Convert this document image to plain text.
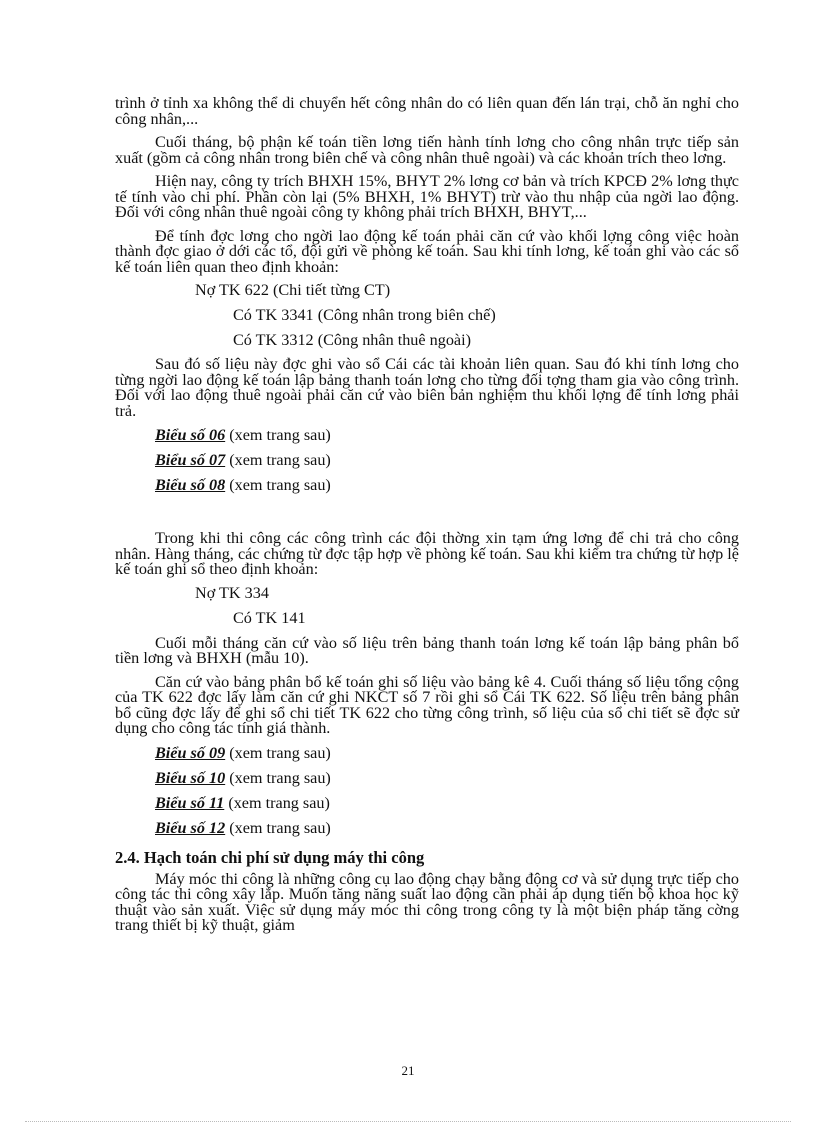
trình ở tỉnh xa không thể di chuyển hết công nhân do có liên quan đến lán trại, chỗ ăn nghỉ cho công nhân,...

Cuối tháng, bộ phận kế toán tiền lơng tiến hành tính lơng cho công nhân trực tiếp sản xuất (gồm cả công nhân trong biên chế và công nhân thuê ngoài) và các khoản trích theo lơng.

Hiện nay, công ty trích BHXH 15%, BHYT 2% lơng cơ bản và trích KPCĐ 2% lơng thực tế tính vào chi phí. Phần còn lại (5% BHXH, 1% BHYT) trừ vào thu nhập của ngời lao động. Đối với công nhân thuê ngoài công ty không phải trích BHXH, BHYT,...

Để tính đợc lơng cho ngời lao động kế toán phải căn cứ vào khối lợng công việc hoàn thành đợc giao ở dới các tổ, đội gửi về phòng kế toán. Sau khi tính lơng, kế toán ghi vào các sổ kế toán liên quan theo định khoản:

Nợ TK 622 (Chi tiết từng CT)
Có TK 3341 (Công nhân trong biên chế)
Có TK 3312 (Công nhân thuê ngoài)

Sau đó số liệu này đợc ghi vào sổ Cái các tài khoản liên quan. Sau đó khi tính lơng cho từng ngời lao động kế toán lập bảng thanh toán lơng cho từng đối tợng tham gia vào công trình. Đối với lao động thuê ngoài phải căn cứ vào biên bản nghiệm thu khối lợng để tính lơng phải trả.

Biểu số 06 (xem trang sau)
Biểu số 07 (xem trang sau)
Biểu số 08 (xem trang sau)

Trong khi thi công các công trình các đội thờng xin tạm ứng lơng để chi trả cho công nhân. Hàng tháng, các chứng từ đợc tập hợp về phòng kế toán. Sau khi kiểm tra chứng từ hợp lệ kế toán ghi sổ theo định khoản:

Nợ TK 334
Có TK 141

Cuối mỗi tháng căn cứ vào số liệu trên bảng thanh toán lơng kế toán lập bảng phân bổ tiền lơng và BHXH (mẫu 10).

Căn cứ vào bảng phân bổ kế toán ghi số liệu vào bảng kê 4. Cuối tháng số liệu tổng cộng của TK 622 đợc lấy làm căn cứ ghi NKCT số 7 rồi ghi sổ Cái TK 622. Số liệu trên bảng phân bổ cũng đợc lấy để ghi sổ chi tiết TK 622 cho từng công trình, số liệu của sổ chi tiết sẽ đợc sử dụng cho công tác tính giá thành.

Biểu số 09 (xem trang sau)
Biểu số 10 (xem trang sau)
Biểu số 11 (xem trang sau)
Biểu số 12 (xem trang sau)
2.4. Hạch toán chi phí sử dụng máy thi công

Máy móc thi công là những công cụ lao động chạy bằng động cơ và sử dụng trực tiếp cho công tác thi công xây lắp. Muốn tăng năng suất lao động cần phải áp dụng tiến bộ khoa học kỹ thuật vào sản xuất. Việc sử dụng máy móc thi công trong công ty là một biện pháp tăng cờng trang thiết bị kỹ thuật, giảm

21
